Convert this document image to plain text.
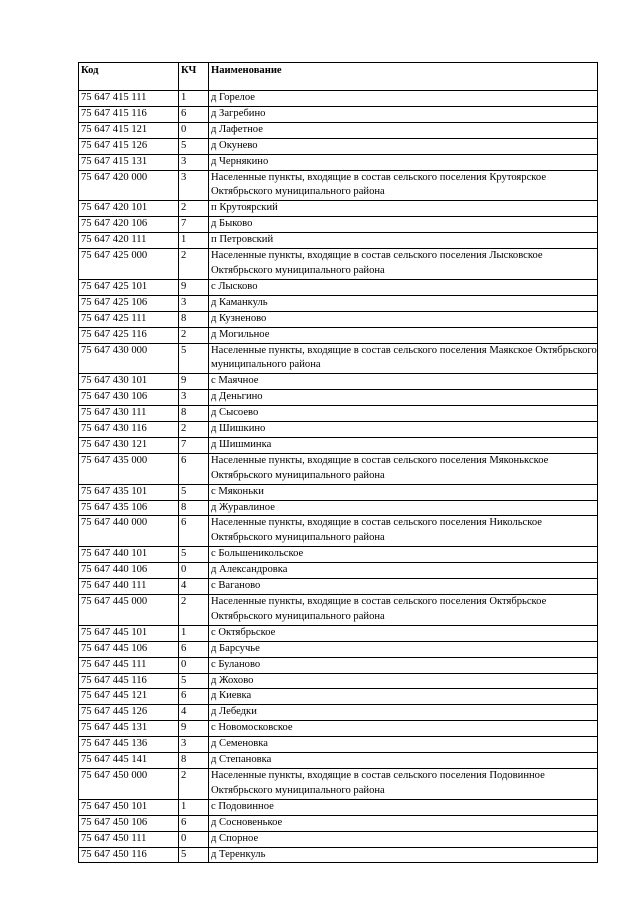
Код	КЧ	Наименование
75 647 415 111	1	д Горелое
75 647 415 116	6	д Загребино
75 647 415 121	0	д Лафетное
75 647 415 126	5	д Окунево
75 647 415 131	3	д Чернякино
75 647 420 000	3	Населенные пункты, входящие в состав сельского поселения Крутоярское Октябрьского муниципального района
75 647 420 101	2	п Крутоярский
75 647 420 106	7	д Быково
75 647 420 111	1	п Петровский
75 647 425 000	2	Населенные пункты, входящие в состав сельского поселения Лысковское Октябрьского муниципального района
75 647 425 101	9	с Лысково
75 647 425 106	3	д Каманкуль
75 647 425 111	8	д Кузненово
75 647 425 116	2	д Могильное
75 647 430 000	5	Населенные пункты, входящие в состав сельского поселения Маякское Октябрьского муниципального района
75 647 430 101	9	с Маячное
75 647 430 106	3	д Деньгино
75 647 430 111	8	д Сысоево
75 647 430 116	2	д Шишкино
75 647 430 121	7	д Шишминка
75 647 435 000	6	Населенные пункты, входящие в состав сельского поселения Мяконькское Октябрьского муниципального района
75 647 435 101	5	с Мяконьки
75 647 435 106	8	д Журавлиное
75 647 440 000	6	Населенные пункты, входящие в состав сельского поселения Никольское Октябрьского муниципального района
75 647 440 101	5	с Большеникольское
75 647 440 106	0	д Александровка
75 647 440 111	4	с Ваганово
75 647 445 000	2	Населенные пункты, входящие в состав сельского поселения Октябрьское Октябрьского муниципального района
75 647 445 101	1	с Октябрьское
75 647 445 106	6	д Барсучье
75 647 445 111	0	с Буланово
75 647 445 116	5	д Жохово
75 647 445 121	6	д Киевка
75 647 445 126	4	д Лебедки
75 647 445 131	9	с Новомосковское
75 647 445 136	3	д Семеновка
75 647 445 141	8	д Степановка
75 647 450 000	2	Населенные пункты, входящие в состав сельского поселения Подовинное Октябрьского муниципального района
75 647 450 101	1	с Подовинное
75 647 450 106	6	д Сосновенькое
75 647 450 111	0	д Спорное
75 647 450 116	5	д Теренкуль
